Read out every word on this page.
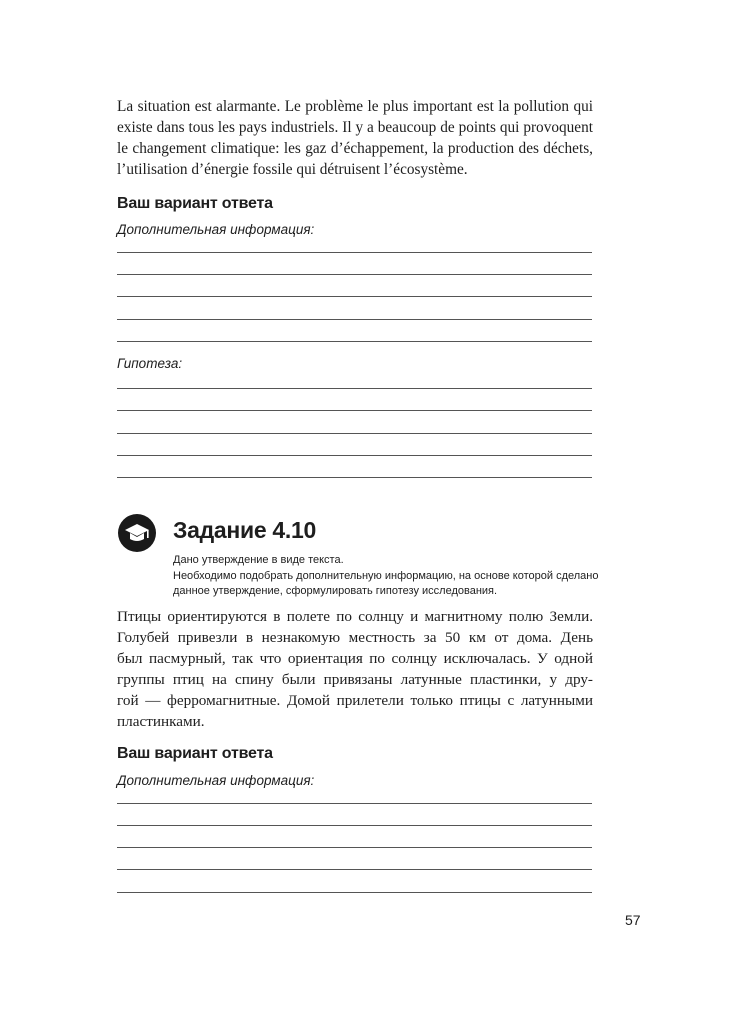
La situation est alarmante. Le problème le plus important est la pollution qui
existe dans tous les pays industriels. Il y a beaucoup de points qui provoquent
le changement climatique: les gaz d’échappement, la production des déchets,
l’utilisation d’énergie fossile qui détruisent l’écosystème.
Ваш вариант ответа
Дополнительная информация:
Гипотеза:
Задание 4.10
Дано утверждение в виде текста.
Необходимо подобрать дополнительную информацию, на основе которой сделано
данное утверждение, сформулировать гипотезу исследования.
Птицы ориентируются в полете по солнцу и магнитному полю Земли.
Голубей привезли в незнакомую местность за 50 км от дома. День
был пасмурный, так что ориентация по солнцу исключалась. У одной
группы птиц на спину были привязаны латунные пластинки, у дру-
гой — ферромагнитные. Домой прилетели только птицы с латунными
пластинками.
Ваш вариант ответа
Дополнительная информация:
57
